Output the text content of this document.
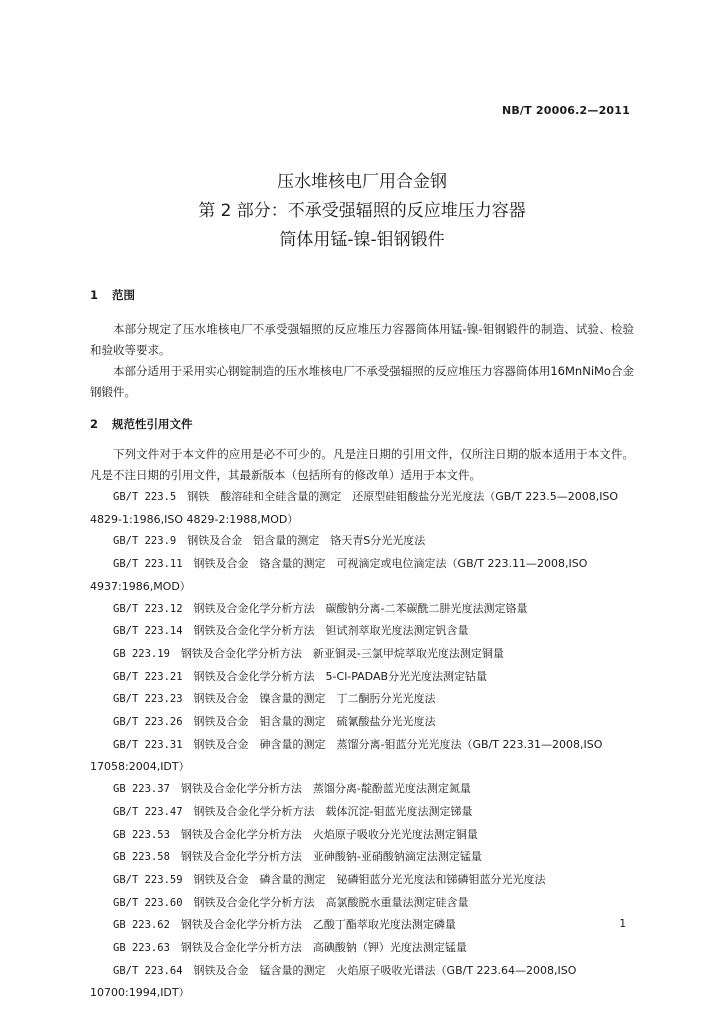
NB/T 20006.2—2011
压水堆核电厂用合金钢
第 2 部分：不承受强辐照的反应堆压力容器
筒体用锰-镍-钼钢锻件
1 范围

本部分规定了压水堆核电厂不承受强辐照的反应堆压力容器筒体用锰-镍-钼钢锻件的制造、试验、检验和验收等要求。

本部分适用于采用实心钢锭制造的压水堆核电厂不承受强辐照的反应堆压力容器筒体用16MnNiMo合金钢锻件。

2 规范性引用文件

下列文件对于本文件的应用是必不可少的。凡是注日期的引用文件，仅所注日期的版本适用于本文件。凡是不注日期的引用文件，其最新版本（包括所有的修改单）适用于本文件。

GB/T 223.5　 钢铁　酸溶硅和全硅含量的测定　还原型硅钼酸盐分光光度法（GB/T 223.5—2008,ISO 4829-1:1986,ISO 4829-2:1988,MOD）
GB/T 223.9　 钢铁及合金　铝含量的测定　铬天青S分光光度法
GB/T 223.11　 钢铁及合金　铬含量的测定　可视滴定或电位滴定法（GB/T 223.11—2008,ISO 4937:1986,MOD）
GB/T 223.12　 钢铁及合金化学分析方法　碳酸钠分离-二苯碳酰二肼光度法测定铬量
GB/T 223.14　 钢铁及合金化学分析方法　钽试剂萃取光度法测定钒含量
GB 223.19　 钢铁及合金化学分析方法　新亚铜灵-三氯甲烷萃取光度法测定铜量
GB/T 223.21　 钢铁及合金化学分析方法　5-Cl-PADAB分光光度法测定钴量
GB/T 223.23　 钢铁及合金　镍含量的测定　丁二酮肟分光光度法
GB/T 223.26　 钢铁及合金　钼含量的测定　硫氰酸盐分光光度法
GB/T 223.31　 钢铁及合金　砷含量的测定　蒸馏分离-钼蓝分光光度法（GB/T 223.31—2008,ISO 17058:2004,IDT）
GB 223.37　 钢铁及合金化学分析方法　蒸馏分离-靛酚蓝光度法测定氮量
GB/T 223.47　 钢铁及合金化学分析方法　载体沉淀-钼蓝光度法测定锑量
GB 223.53　 钢铁及合金化学分析方法　火焰原子吸收分光光度法测定铜量
GB 223.58　 钢铁及合金化学分析方法　亚砷酸钠-亚硝酸钠滴定法测定锰量
GB/T 223.59　 钢铁及合金　磷含量的测定　铋磷钼蓝分光光度法和锑磷钼蓝分光光度法
GB/T 223.60　 钢铁及合金化学分析方法　高氯酸脱水重量法测定硅含量
GB 223.62　 钢铁及合金化学分析方法　乙酸丁酯萃取光度法测定磷量
GB 223.63　 钢铁及合金化学分析方法　高碘酸钠（钾）光度法测定锰量
GB/T 223.64　 钢铁及合金　锰含量的测定　火焰原子吸收光谱法（GB/T 223.64—2008,ISO 10700:1994,IDT）
1
